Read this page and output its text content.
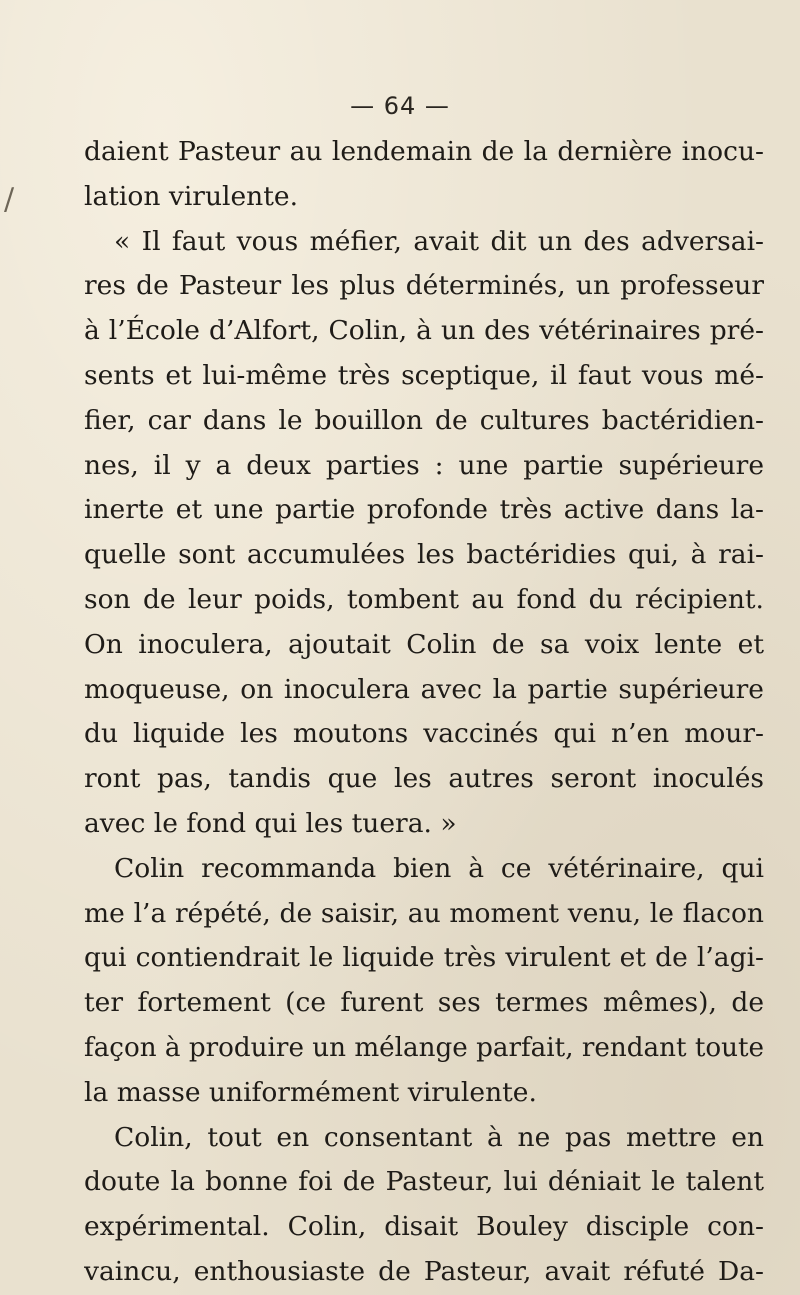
/
— 64 —
daient Pasteur au lendemain de la dernière inocu-
lation virulente.
« Il faut vous méfier, avait dit un des adversai-
res de Pasteur les plus déterminés, un professeur
à l’École d’Alfort, Colin, à un des vétérinaires pré-
sents et lui-même très sceptique, il faut vous mé-
fier, car dans le bouillon de cultures bactéridien-
nes, il y a deux parties : une partie supérieure
inerte et une partie profonde très active dans la-
quelle sont accumulées les bactéridies qui, à rai-
son de leur poids, tombent au fond du récipient.
On inoculera, ajoutait Colin de sa voix lente et
moqueuse, on inoculera avec la partie supérieure
du liquide les moutons vaccinés qui n’en mour-
ront pas, tandis que les autres seront inoculés
avec le fond qui les tuera. »
Colin recommanda bien à ce vétérinaire, qui
me l’a répété, de saisir, au moment venu, le flacon
qui contiendrait le liquide très virulent et de l’agi-
ter fortement (ce furent ses termes mêmes), de
façon à produire un mélange parfait, rendant toute
la masse uniformément virulente.
Colin, tout en consentant à ne pas mettre en
doute la bonne foi de Pasteur, lui déniait le talent
expérimental. Colin, disait Bouley disciple con-
vaincu, enthousiaste de Pasteur, avait réfuté Da-
